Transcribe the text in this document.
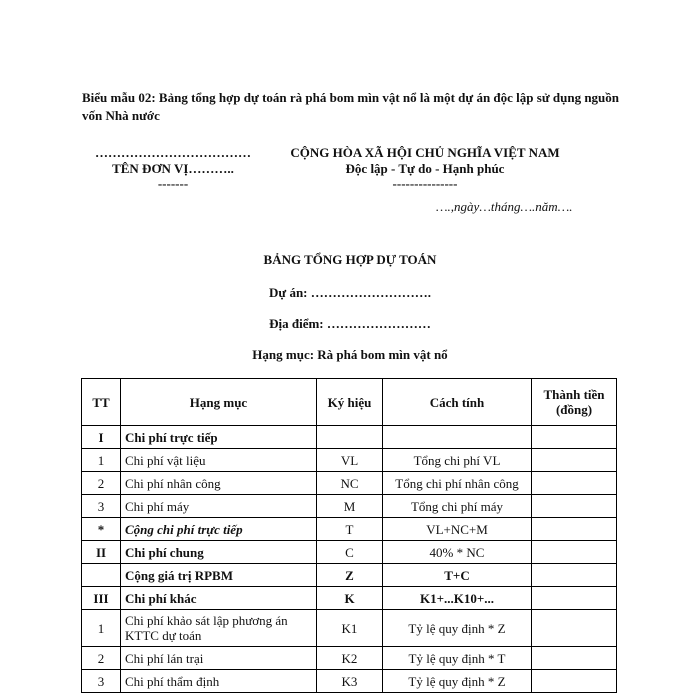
Biểu mẫu 02: Bảng tổng hợp dự toán rà phá bom mìn vật nổ là một dự án độc lập sử dụng nguồn vốn Nhà nước
………………………………
TÊN ĐƠN VỊ………..
-------
CỘNG HÒA XÃ HỘI CHỦ NGHĨA VIỆT NAM
Độc lập - Tự do - Hạnh phúc
---------------
….,ngày…tháng….năm….
BẢNG TỔNG HỢP DỰ TOÁN
Dự án: ……………………….
Địa điểm: ……………………
Hạng mục: Rà phá bom mìn vật nổ
TT	Hạng mục	Ký hiệu	Cách tính	Thành tiền (đồng)
I	Chi phí trực tiếp			
1	Chi phí vật liệu	VL	Tổng chi phí VL	
2	Chi phí nhân công	NC	Tổng chi phí nhân công	
3	Chi phí máy	M	Tổng chi phí máy	
*	Cộng chi phí trực tiếp	T	VL+NC+M	
II	Chi phí chung	C	40% * NC	
	Cộng giá trị RPBM	Z	T+C	
III	Chi phí khác	K	K1+...K10+...	
1	Chi phí khảo sát lập phương án KTTC dự toán	K1	Tỷ lệ quy định * Z	
2	Chi phí lán trại	K2	Tỷ lệ quy định * T	
3	Chi phí thẩm định	K3	Tỷ lệ quy định * Z	
